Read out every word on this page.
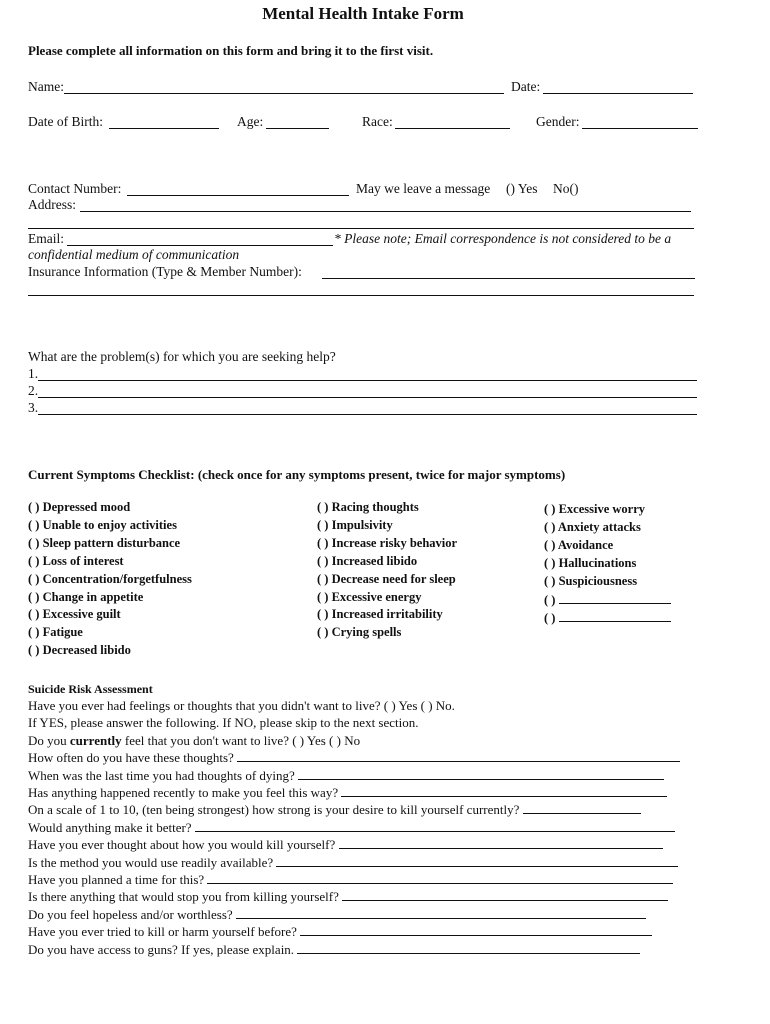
Mental Health Intake Form
Please complete all information on this form and bring it to the first visit.
Name:	Date:
Date of Birth:	Age:	Race:	Gender:
Contact Number:	May we leave a message () Yes No()
Address:
Email:	* Please note; Email correspondence is not considered to be a
confidential medium of communication
Insurance Information (Type & Member Number):
What are the problem(s) for which you are seeking help?
1.
2.
3.
Current Symptoms Checklist: (check once for any symptoms present, twice for major symptoms)
( ) Depressed mood
( ) Unable to enjoy activities
( ) Sleep pattern disturbance
( ) Loss of interest
( ) Concentration/forgetfulness
( ) Change in appetite
( ) Excessive guilt
( ) Fatigue
( ) Decreased libido
( ) Racing thoughts
( ) Impulsivity
( ) Increase risky behavior
( ) Increased libido
( ) Decrease need for sleep
( ) Excessive energy
( ) Increased irritability
( ) Crying spells
( ) Excessive worry
( ) Anxiety attacks
( ) Avoidance
( ) Hallucinations
( ) Suspiciousness
( )
( )
Suicide Risk Assessment
Have you ever had feelings or thoughts that you didn't want to live? ( ) Yes ( ) No.
If YES, please answer the following. If NO, please skip to the next section.
Do you currently feel that you don't want to live? ( ) Yes ( ) No
How often do you have these thoughts?
When was the last time you had thoughts of dying?
Has anything happened recently to make you feel this way?
On a scale of 1 to 10, (ten being strongest) how strong is your desire to kill yourself currently?
Would anything make it better?
Have you ever thought about how you would kill yourself?
Is the method you would use readily available?
Have you planned a time for this?
Is there anything that would stop you from killing yourself?
Do you feel hopeless and/or worthless?
Have you ever tried to kill or harm yourself before?
Do you have access to guns? If yes, please explain.
